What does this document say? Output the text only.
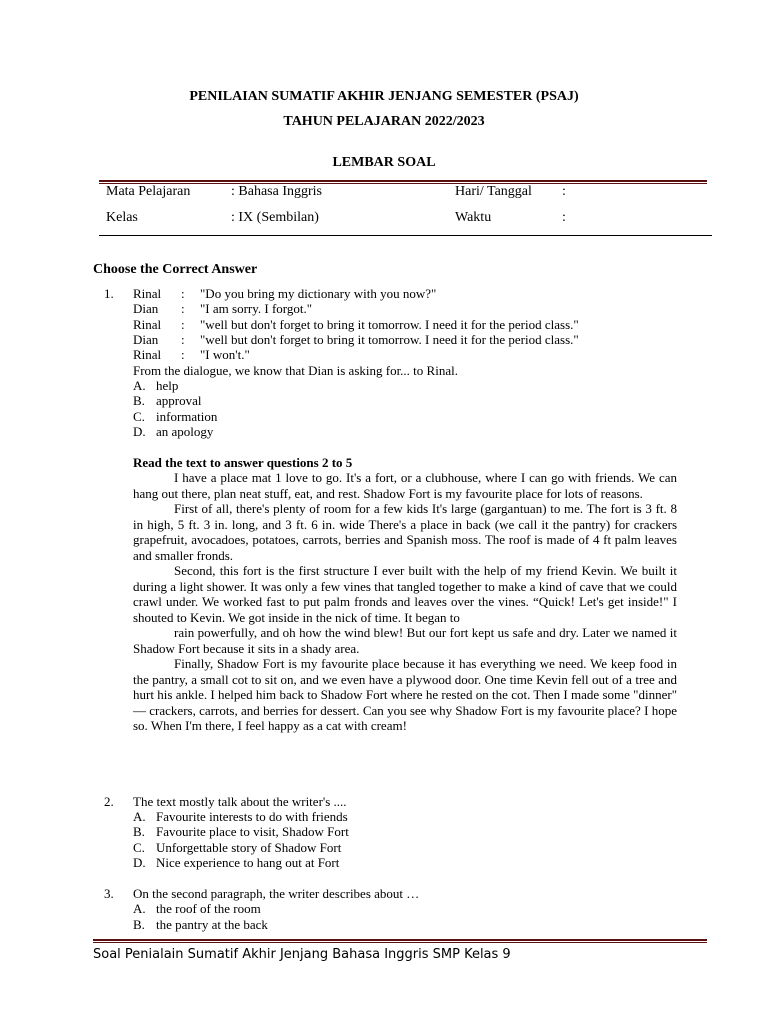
PENILAIAN SUMATIF AKHIR JENJANG SEMESTER (PSAJ)
TAHUN PELAJARAN 2022/2023
LEMBAR SOAL
Mata Pelajaran	: Bahasa Inggris	Hari/ Tanggal :
Kelas	: IX (Sembilan)	Waktu	:
Choose the Correct Answer
1. Rinal : "Do you bring my dictionary with you now?"
Dian : "I am sorry. I forgot."
Rinal : "well but don't forget to bring it tomorrow. I need it for the period class."
Dian : "well but don't forget to bring it tomorrow. I need it for the period class."
Rinal : "I won't."
From the dialogue, we know that Dian is asking for... to Rinal.
A. help
B. approval
C. information
D. an apology
Read the text to answer questions 2 to 5

I have a place mat 1 love to go. It's a fort, or a clubhouse, where I can go with friends. We can hang out there, plan neat stuff, eat, and rest. Shadow Fort is my favourite place for lots of reasons.

First of all, there's plenty of room for a few kids It's large (gargantuan) to me. The fort is 3 ft. 8 in high, 5 ft. 3 in. long, and 3 ft. 6 in. wide There's a place in back (we call it the pantry) for crackers grapefruit, avocadoes, potatoes, carrots, berries and Spanish moss. The roof is made of 4 ft palm leaves and smaller fronds.

Second, this fort is the first structure I ever built with the help of my friend Kevin. We built it during a light shower. It was only a few vines that tangled together to make a kind of cave that we could crawl under. We worked fast to put palm fronds and leaves over the vines. “Quick! Let's get inside!" I shouted to Kevin. We got inside in the nick of time. It began to

rain powerfully, and oh how the wind blew! But our fort kept us safe and dry. Later we named it Shadow Fort because it sits in a shady area.

Finally, Shadow Fort is my favourite place because it has everything we need. We keep food in the pantry, a small cot to sit on, and we even have a plywood door. One time Kevin fell out of a tree and hurt his ankle. I helped him back to Shadow Fort where he rested on the cot. Then I made some "dinner" — crackers, carrots, and berries for dessert. Can you see why Shadow Fort is my favourite place? I hope so. When I'm there, I feel happy as a cat with cream!

2. The text mostly talk about the writer's ....
A. Favourite interests to do with friends
B. Favourite place to visit, Shadow Fort
C. Unforgettable story of Shadow Fort
D. Nice experience to hang out at Fort
3. On the second paragraph, the writer describes about …
A. the roof of the room
B. the pantry at the back
Soal Penialain Sumatif Akhir Jenjang Bahasa Inggris SMP Kelas 9
